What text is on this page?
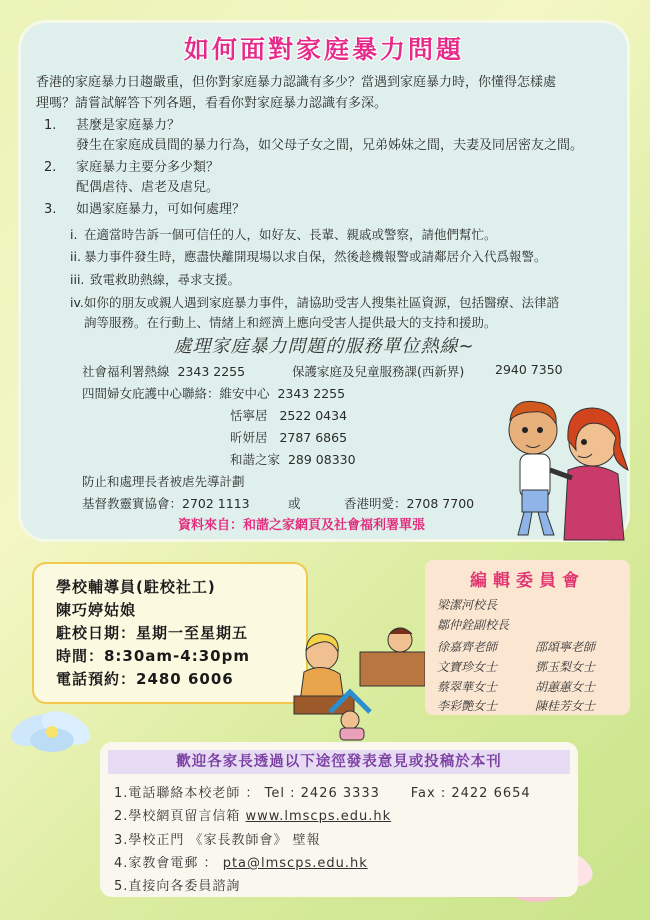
如何面對家庭暴力問題
香港的家庭暴力日趨嚴重，但你對家庭暴力認識有多少？當遇到家庭暴力時，你懂得怎樣處
理嗎？請嘗試解答下列各題，看看你對家庭暴力認識有多深。
1. 甚麼是家庭暴力？
發生在家庭成員間的暴力行為，如父母子女之間，兄弟姊妹之間，夫妻及同居密友之間。
2. 家庭暴力主要分多少類？
配偶虐待、虐老及虐兒。
3. 如遇家庭暴力，可如何處理？
i. 在適當時告訴一個可信任的人，如好友、長輩、親戚或警察，請他們幫忙。
ii. 暴力事件發生時，應盡快離開現場以求自保，然後趁機報警或請鄰居介入代爲報警。
iii. 致電救助熱線，尋求支援。
iv.如你的朋友或親人遇到家庭暴力事件，請協助受害人搜集社區資源，包括醫療、法律諮
詢等服務。在行動上、情緒上和經濟上應向受害人提供最大的支持和援助。
處理家庭暴力問題的服務單位熱線~
社會福利署熱線 2343 2255	保護家庭及兒童服務課(西新界) 2940 7350
四間婦女庇護中心聯絡：維安中心 2343 2255
恬寧居 2522 0434
昕妍居 2787 6865
和諧之家 289 08330
防止和處理長者被虐先導計劃
基督教靈實協會：2702 1113	或	香港明愛：2708 7700
資料來自：和諧之家網頁及社會福利署單張
學校輔導員(駐校社工)
陳巧婷姑娘
駐校日期：星期一至星期五
時間：8:30am-4:30pm
電話預約：2480 6006
編輯委員會
梁潔河校長
鄒仲銓副校長
徐嘉齊老師	邵頌寧老師
文寶珍女士	鄧玉梨女士
蔡翠華女士	胡蕙蕙女士
李彩艷女士	陳桂芳女士
歡迎各家長透過以下途徑發表意見或投稿於本刊
1.電話聯絡本校老師 ： Tel : 2426 3333 Fax : 2422 6654
2.學校網頁留言信箱 www.lmscps.edu.hk
3.學校正門 《家長教師會》 壁報
4.家教會電郵 ： pta@lmscps.edu.hk
5.直接向各委員諮詢
